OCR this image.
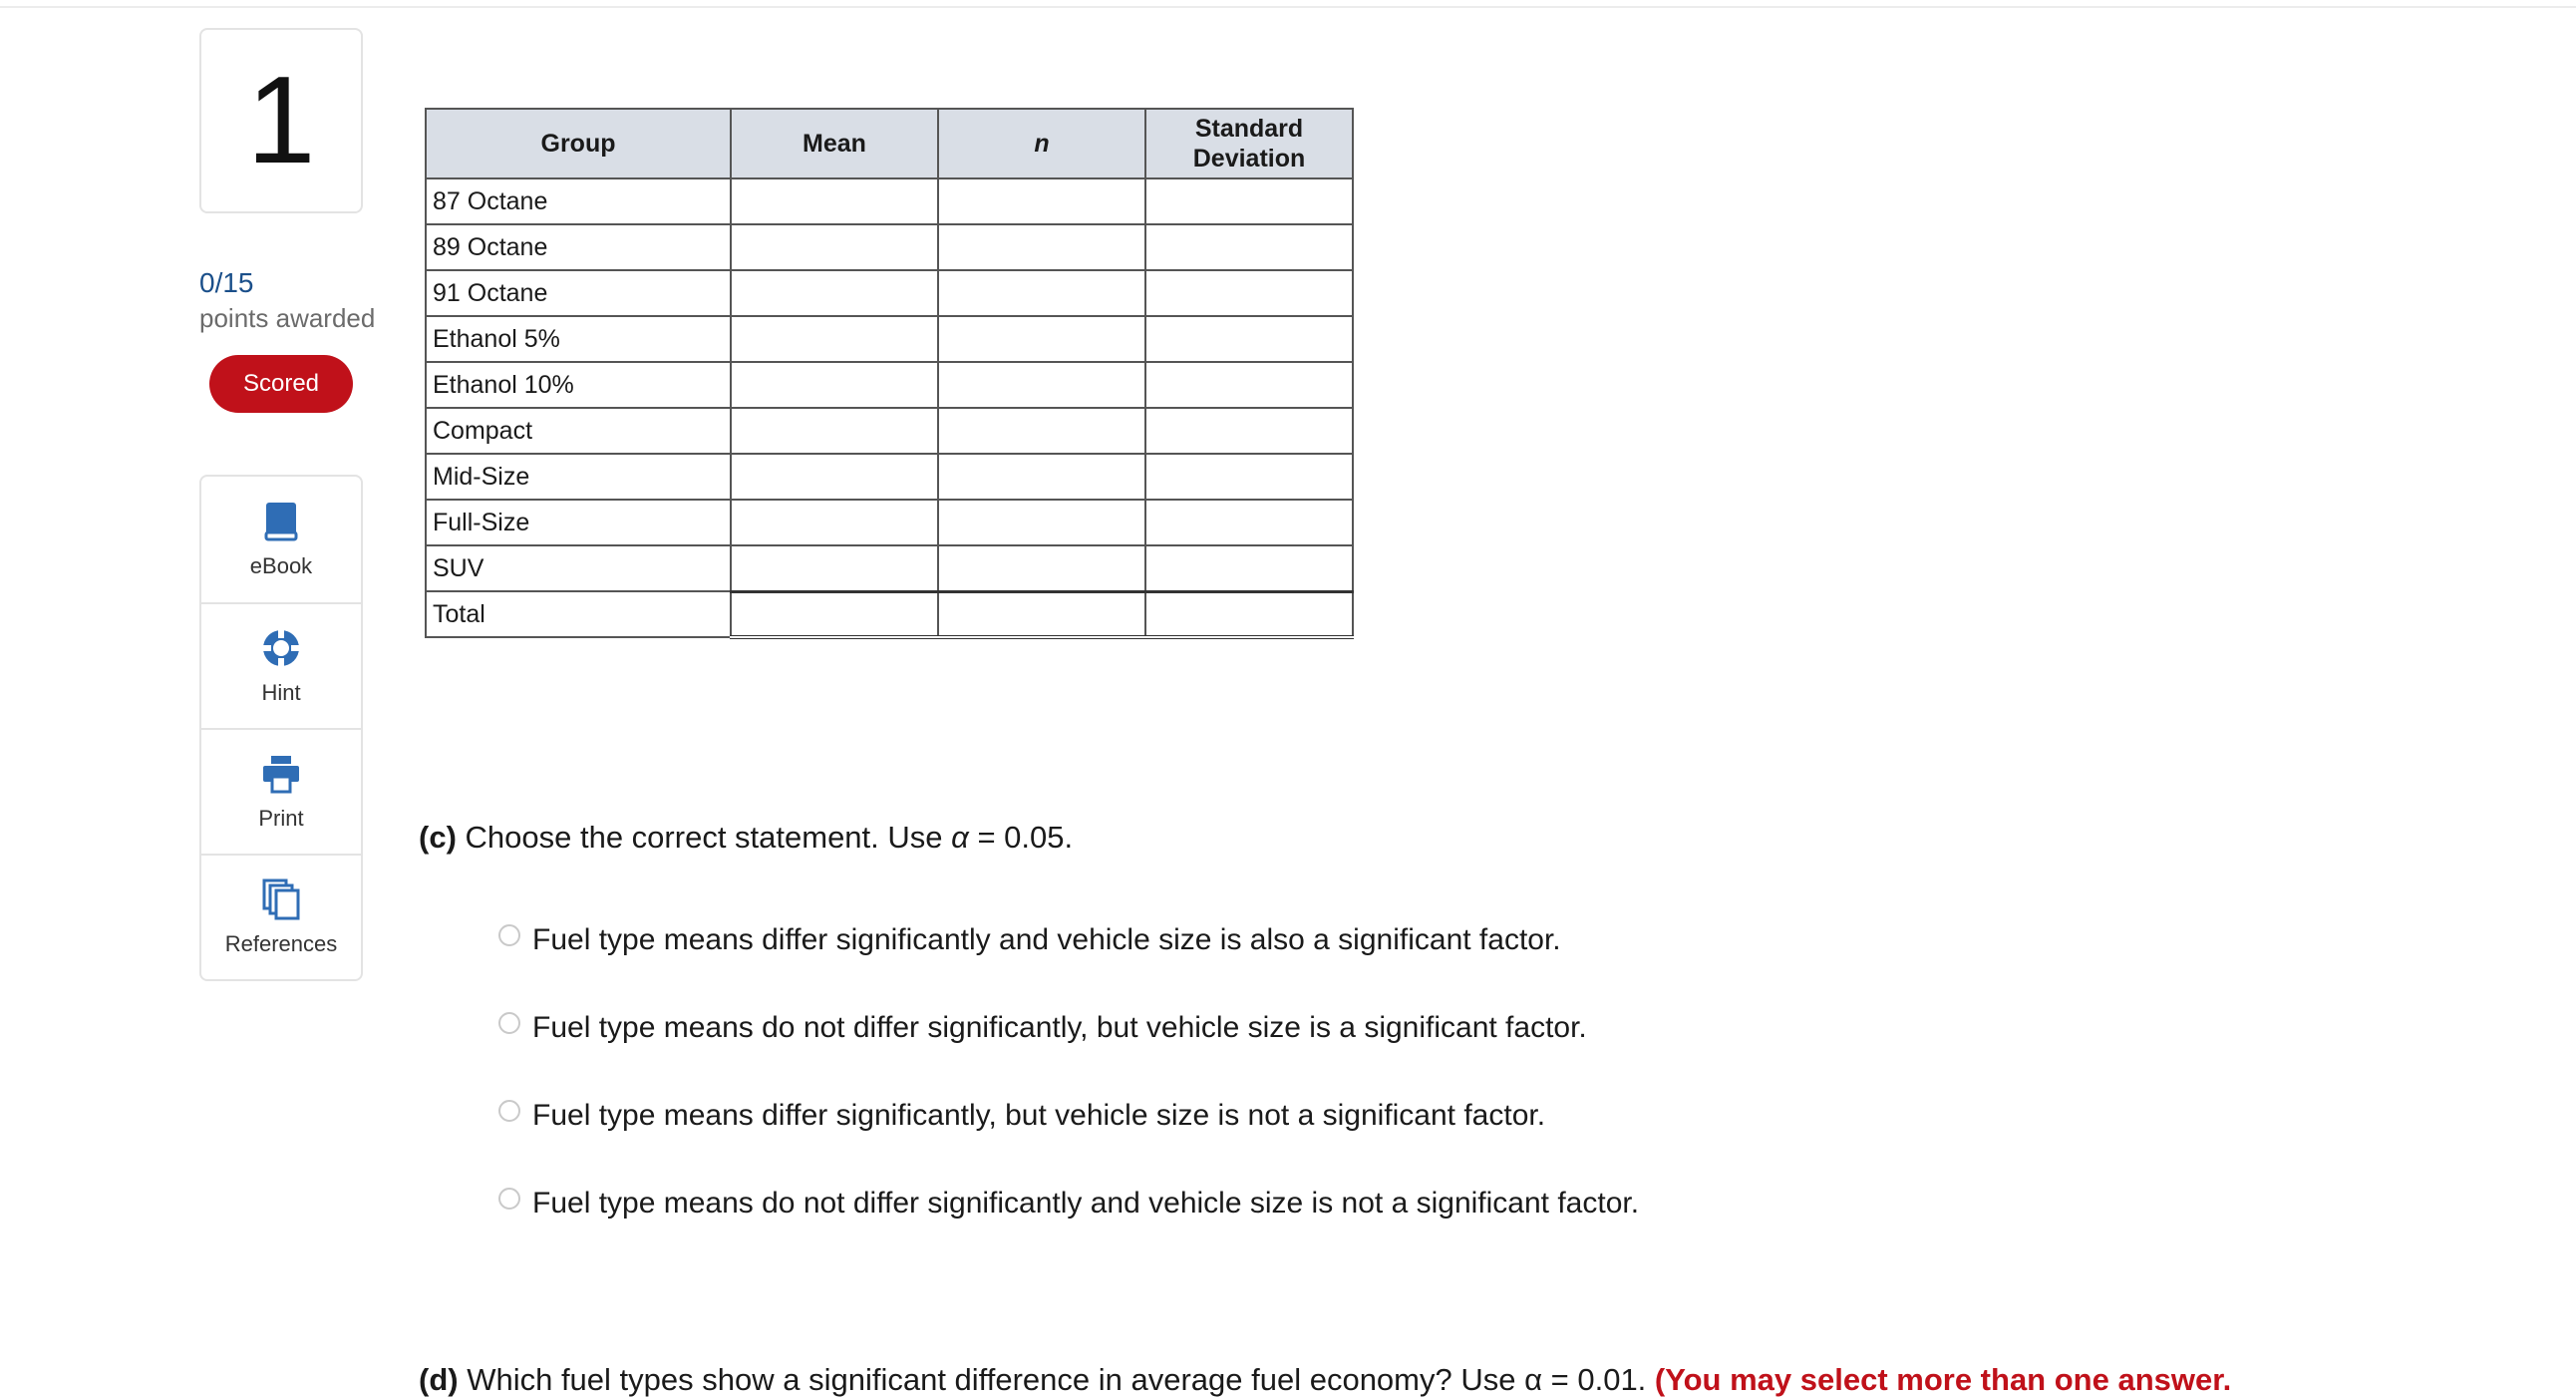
1
0/15
points awarded
Scored
eBook
Hint
Print
References
Group	Mean	n	Standard Deviation
87 Octane			
89 Octane			
91 Octane			
Ethanol 5%			
Ethanol 10%			
Compact			
Mid-Size			
Full-Size			
SUV			
Total			
(c) Choose the correct statement. Use α = 0.05.
Fuel type means differ significantly and vehicle size is also a significant factor.
Fuel type means do not differ significantly, but vehicle size is a significant factor.
Fuel type means differ significantly, but vehicle size is not a significant factor.
Fuel type means do not differ significantly and vehicle size is not a significant factor.
(d) Which fuel types show a significant difference in average fuel economy? Use α = 0.01. (You may select more than one answer.
